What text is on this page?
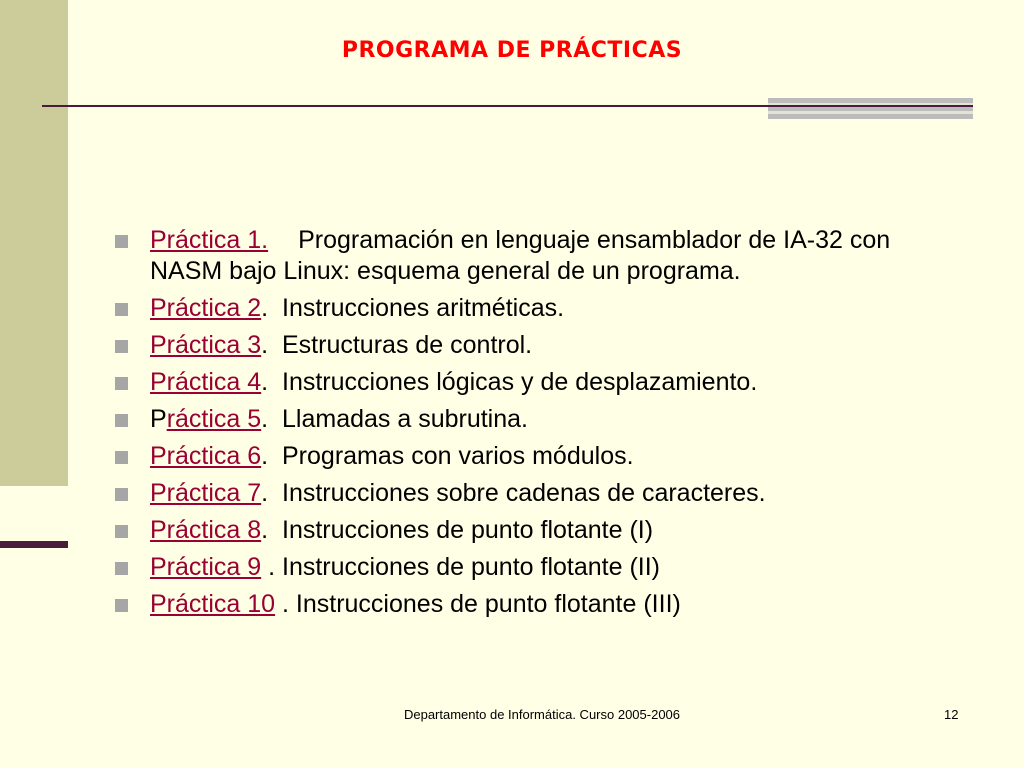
PROGRAMA DE PRÁCTICAS
Práctica 1. Programación en lenguaje ensamblador de IA-32 con NASM bajo Linux: esquema general de un programa.
Práctica 2.  Instrucciones aritméticas.
Práctica 3.  Estructuras de control.
Práctica 4.  Instrucciones lógicas y de desplazamiento.
Práctica 5.  Llamadas a subrutina.
Práctica 6.  Programas con varios módulos.
Práctica 7.  Instrucciones sobre cadenas de caracteres.
Práctica 8.  Instrucciones de punto flotante (I)
Práctica 9 . Instrucciones de punto flotante (II)
Práctica 10 . Instrucciones de punto flotante (III)
Departamento de Informática. Curso 2005-2006	12
